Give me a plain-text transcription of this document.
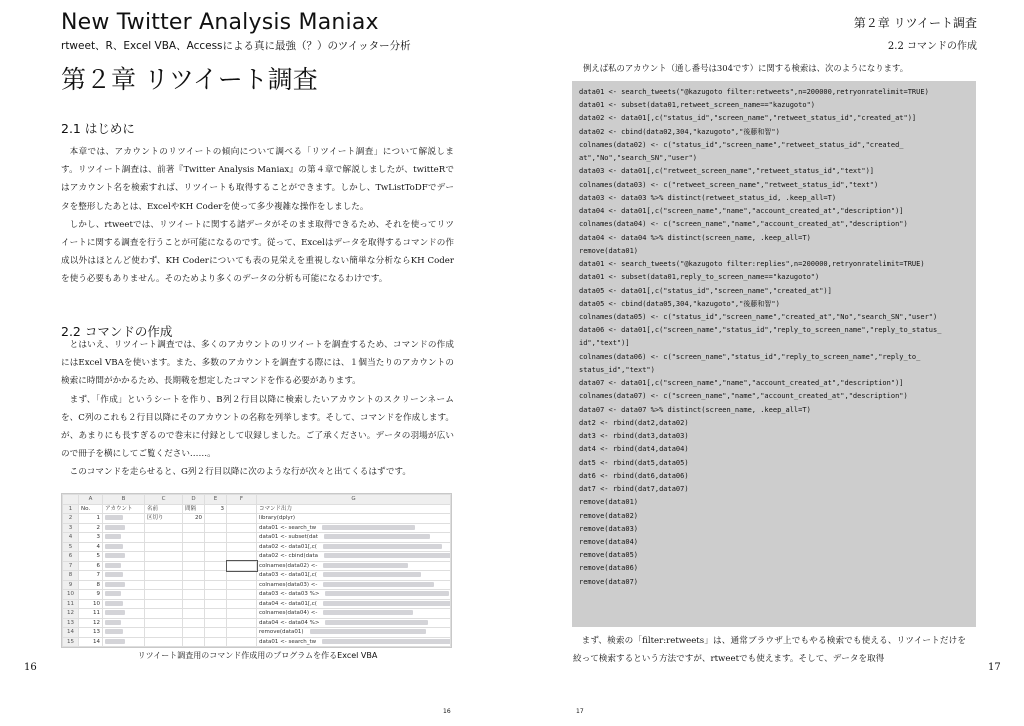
New Twitter Analysis Maniax
rtweet、R、Excel VBA、Accessによる真に最強（？）のツイッター分析
第２章 リツイート調査
2.1 はじめに

本章では、アカウントのリツイートの傾向について調べる「リツイート調査」について解説します。リツイート調査は、前著『Twitter Analysis Maniax』の第４章で解説しましたが、twitteRではアカウント名を検索すれば、リツイートも取得することができます。しかし、TwListToDFでデータを整形したあとは、ExcelやKH Coderを使って多少複雑な操作をしました。

しかし、rtweetでは、リツイートに関する諸データがそのまま取得できるため、それを使ってリツイートに関する調査を行うことが可能になるのです。従って、Excelはデータを取得するコマンドの作成以外はほとんど使わず、KH Coderについても表の見栄えを重視しない簡単な分析ならKH Coderを使う必要もありません。そのためより多くのデータの分析も可能になるわけです。

2.2 コマンドの作成

とはいえ、リツイート調査では、多くのアカウントのリツイートを調査するため、コマンドの作成にはExcel VBAを使います。また、多数のアカウントを調査する際には、１個当たりのアカウントの検索に時間がかかるため、長期戦を想定したコマンドを作る必要があります。

まず、「作成」というシートを作り、B列２行目以降に検索したいアカウントのスクリーンネームを、C列のこれも２行目以降にそのアカウントの名称を列挙します。そして、コマンドを作成します。が、あまりにも長すぎるので巻末に付録として収録しました。ご了承ください。データの羽場が広いので冊子を横にしてご覧ください……。

このコマンドを走らせると、G列２行目以降に次のような行が次々と出てくるはずです。

	A	B	C	D	E	F	G
1	No.	アカウント	名前	間隔	3		コマンド出力
2	1		区切り	20			library(dplyr)
3	2						data01 <- search_tw
4	3						data01 <- subset(dat
5	4						data02 <- data01[,c(
6	5						data02 <- cbind(data
7	6						colnames(data02) <-
8	7						data03 <- data01[,c(
9	8						colnames(data03) <-
10	9						data03 <- data03 %>
11	10						data04 <- data01[,c(
12	11						colnames(data04) <-
13	12						data04 <- data04 %>
14	13						remove(data01)
15	14						data01 <- search_tw

リツイート調査用のコマンド作成用のプログラムを作るExcel VBA
16
16
第２章 リツイート調査
2.2 コマンドの作成
例えば私のアカウント（通し番号は304です）に関する検索は、次のようになります。
data01 <- search_tweets("@kazugoto filter:retweets",n=200000,retryonratelimit=TRUE)
data01 <- subset(data01,retweet_screen_name=="kazugoto")
data02 <- data01[,c("status_id","screen_name","retweet_status_id","created_at")]
data02 <- cbind(data02,304,"kazugoto","後藤和智")
colnames(data02) <- c("status_id","screen_name","retweet_status_id","created_
at","No","search_SN","user")
data03 <- data01[,c("retweet_screen_name","retweet_status_id","text")]
colnames(data03) <- c("retweet_screen_name","retweet_status_id","text")
data03 <- data03 %>% distinct(retweet_status_id, .keep_all=T)
data04 <- data01[,c("screen_name","name","account_created_at","description")]
colnames(data04) <- c("screen_name","name","account_created_at","description")
data04 <- data04 %>% distinct(screen_name, .keep_all=T)
remove(data01)
data01 <- search_tweets("@kazugoto filter:replies",n=200000,retryonratelimit=TRUE)
data01 <- subset(data01,reply_to_screen_name=="kazugoto")
data05 <- data01[,c("status_id","screen_name","created_at")]
data05 <- cbind(data05,304,"kazugoto","後藤和智")
colnames(data05) <- c("status_id","screen_name","created_at","No","search_SN","user")
data06 <- data01[,c("screen_name","status_id","reply_to_screen_name","reply_to_status_
id","text")]
colnames(data06) <- c("screen_name","status_id","reply_to_screen_name","reply_to_
status_id","text")
data07 <- data01[,c("screen_name","name","account_created_at","description")]
colnames(data07) <- c("screen_name","name","account_created_at","description")
data07 <- data07 %>% distinct(screen_name, .keep_all=T)
dat2 <- rbind(dat2,data02)
dat3 <- rbind(dat3,data03)
dat4 <- rbind(dat4,data04)
dat5 <- rbind(dat5,data05)
dat6 <- rbind(dat6,data06)
dat7 <- rbind(dat7,data07)
remove(data01)
remove(data02)
remove(data03)
remove(data04)
remove(data05)
remove(data06)
remove(data07)

まず、検索の「filter:retweets」は、通常ブラウザ上でもやる検索でも使える、リツイートだけを絞って検索するという方法ですが、rtweetでも使えます。そして、データを取得

17
17
